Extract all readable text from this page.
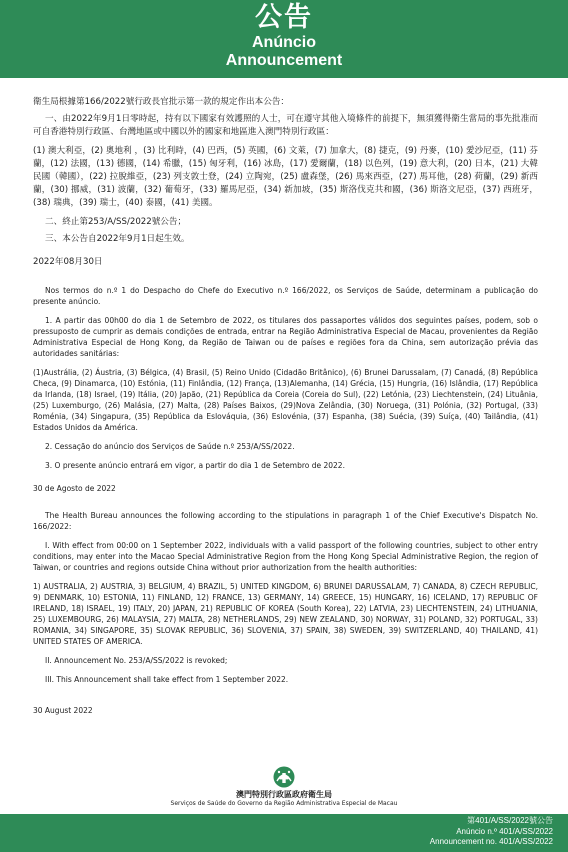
公告
Anúncio
Announcement

衛生局根據第166/2022號行政長官批示第一款的規定作出本公告：

一、由2022年9月1日零時起，持有以下國家有效護照的人士，可在遵守其他入境條件的前提下，無須獲得衛生當局的事先批准而可自香港特別行政區、台灣地區或中國以外的國家和地區進入澳門特別行政區：

(1) 澳大利亞，(2) 奧地利 ，(3) 比利時，(4) 巴西，(5) 英國，(6) 文萊，(7) 加拿大，(8) 捷克，(9) 丹麥，(10) 愛沙尼亞，(11) 芬蘭，(12) 法國，(13) 德國，(14) 希臘，(15) 匈牙利，(16) 冰島，(17) 愛爾蘭，(18) 以色列，(19) 意大利，(20) 日本，(21) 大韓民國（韓國），(22) 拉脫維亞，(23) 列支敦士登，(24) 立陶宛，(25) 盧森堡，(26) 馬來西亞，(27) 馬耳他，(28) 荷蘭，(29) 新西蘭，(30) 挪威，(31) 波蘭，(32) 葡萄牙，(33) 羅馬尼亞，(34) 新加坡，(35) 斯洛伐克共和國，(36) 斯洛文尼亞，(37) 西班牙，(38) 瑞典，(39) 瑞士，(40) 泰國，(41) 美國。

二、終止第253/A/SS/2022號公告；

三、本公告自2022年9月1日起生效。

2022年08月30日

Nos termos do n.º 1 do Despacho do Chefe do Executivo n.º 166/2022, os Serviços de Saúde, determinam a publicação do presente anúncio.

1. A partir das 00h00 do dia 1 de Setembro de 2022, os titulares dos passaportes válidos dos seguintes países, podem, sob o pressuposto de cumprir as demais condições de entrada, entrar na Região Administrativa Especial de Macau, provenientes da Região Administrativa Especial de Hong Kong, da Região de Taiwan ou de países e regiões fora da China, sem autorização prévia das autoridades sanitárias:

(1)Austrália, (2) Áustria, (3) Bélgica, (4) Brasil, (5) Reino Unido (Cidadão Britânico), (6) Brunei Darussalam, (7) Canadá, (8) República Checa, (9) Dinamarca, (10) Estónia, (11) Finlândia, (12) França, (13)Alemanha, (14) Grécia, (15) Hungria, (16) Islândia, (17) República da Irlanda, (18) Israel, (19) Itália, (20) Japão, (21) República da Coreia (Coreia do Sul), (22) Letónia, (23) Liechtenstein, (24) Lituânia, (25) Luxemburgo, (26) Malásia, (27) Malta, (28) Países Baixos, (29)Nova Zelândia, (30) Noruega, (31) Polónia, (32) Portugal, (33) Roménia, (34) Singapura, (35) República da Eslováquia, (36) Eslovénia, (37) Espanha, (38) Suécia, (39) Suíça, (40) Tailândia, (41) Estados Unidos da América.

2. Cessação do anúncio dos Serviços de Saúde n.º 253/A/SS/2022.

3. O presente anúncio entrará em vigor, a partir do dia 1 de Setembro de 2022.

30 de Agosto de 2022

The Health Bureau announces the following according to the stipulations in paragraph 1 of the Chief Executive's Dispatch No. 166/2022:

I. With effect from 00:00 on 1 September 2022, individuals with a valid passport of the following countries, subject to other entry conditions, may enter into the Macao Special Administrative Region from the Hong Kong Special Administrative Region, the region of Taiwan, or countries and regions outside China without prior authorization from the health authorities:

1) AUSTRALIA, 2) AUSTRIA, 3) BELGIUM, 4) BRAZIL, 5) UNITED KINGDOM, 6) BRUNEI DARUSSALAM, 7) CANADA, 8) CZECH REPUBLIC, 9) DENMARK, 10) ESTONIA, 11) FINLAND, 12) FRANCE, 13) GERMANY, 14) GREECE, 15) HUNGARY, 16) ICELAND, 17) REPUBLIC OF IRELAND, 18) ISRAEL, 19) ITALY, 20) JAPAN, 21) REPUBLIC OF KOREA (South Korea), 22) LATVIA, 23) LIECHTENSTEIN, 24) LITHUANIA, 25) LUXEMBOURG, 26) MALAYSIA, 27) MALTA, 28) NETHERLANDS, 29) NEW ZEALAND, 30) NORWAY, 31) POLAND, 32) PORTUGAL, 33) ROMANIA, 34) SINGAPORE, 35) SLOVAK REPUBLIC, 36) SLOVENIA, 37) SPAIN, 38) SWEDEN, 39) SWITZERLAND, 40) THAILAND, 41) UNITED STATES OF AMERICA.

II. Announcement No. 253/A/SS/2022 is revoked;

III. This Announcement shall take effect from 1 September 2022.

30 August 2022

澳門特別行政區政府衛生局
Serviços de Saúde do Governo da Região Administrativa Especial de Macau
第401/A/SS/2022號公告
Anúncio n.º 401/A/SS/2022
Announcement no. 401/A/SS/2022
